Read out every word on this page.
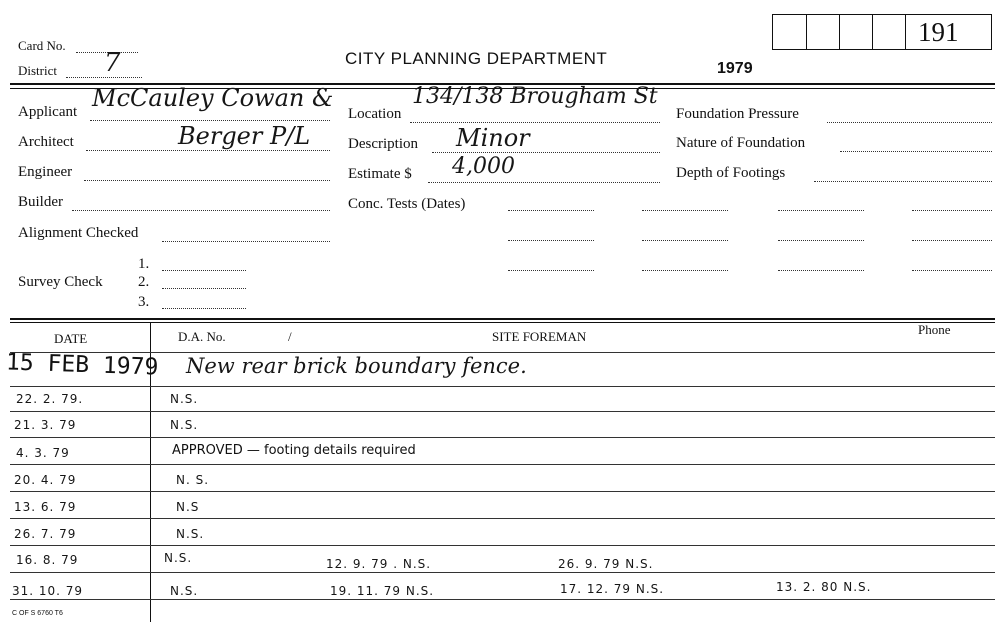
Card No.
District 7	CITY PLANNING DEPARTMENT
1979
191
Applicant McCauley Cowan &
Architect	Berger P/L
Engineer
Builder
Alignment Checked
Survey Check
1.
2.
3.
Location
134/138 Brougham St
Description Minor
Estimate $ 4,000
Conc. Tests (Dates)
Foundation Pressure
Nature of Foundation
Depth of Footings
DATE	D.A. No.	/	SITE FOREMAN	Phone
15 FEB 1979 New rear brick boundary fence.
22. 2. 79.	N.S.
21. 3. 79	N.S.
4. 3. 79	APPROVED — footing details required
20. 4. 79	N. S.
13. 6. 79	N.S
26. 7. 79	N.S.
16. 8. 79	N.S.	12. 9. 79 . N.S.	26. 9. 79 N.S.
31. 10. 79	N.S.	19. 11. 79 N.S.	17. 12. 79 N.S.	13. 2. 80 N.S.
C OF S 6760 T6
